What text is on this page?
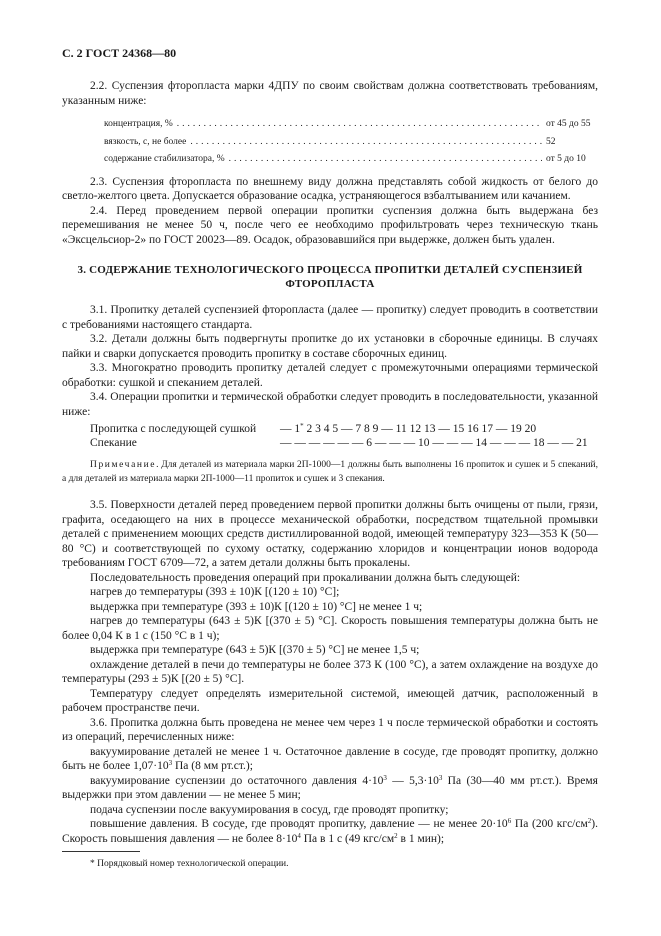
С. 2 ГОСТ 24368—80

2.2. Суспензия фторопласта марки 4ДПУ по своим свойствам должна соответствовать требованиям, указанным ниже:

концентрация, % .....	от 45 до 55
вязкость, с, не более .....	52
содержание стабилизатора, % .....	от 5 до 10

2.3. Суспензия фторопласта по внешнему виду должна представлять собой жидкость от белого до светло-желтого цвета. Допускается образование осадка, устраняющегося взбалтыванием или качанием.

2.4. Перед проведением первой операции пропитки суспензия должна быть выдержана без перемешивания не менее 50 ч, после чего ее необходимо профильтровать через техническую ткань «Эксцельсиор-2» по ГОСТ 20023—89. Осадок, образовавшийся при выдержке, должен быть удален.

3. СОДЕРЖАНИЕ ТЕХНОЛОГИЧЕСКОГО ПРОЦЕССА ПРОПИТКИ ДЕТАЛЕЙ СУСПЕНЗИЕЙ ФТОРОПЛАСТА

3.1. Пропитку деталей суспензией фторопласта (далее — пропитку) следует проводить в соответствии с требованиями настоящего стандарта.

3.2. Детали должны быть подвергнуты пропитке до их установки в сборочные единицы. В случаях пайки и сварки допускается проводить пропитку в составе сборочных единиц.

3.3. Многократно проводить пропитку деталей следует с промежуточными операциями термической обработки: сушкой и спеканием деталей.

3.4. Операции пропитки и термической обработки следует проводить в последовательности, указанной ниже:

Пропитка с последующей сушкой	— 1* 2 3 4 5 — 7 8 9 — 11 12 13 — 15 16 17 — 19 20
Спекание	— — — — — — 6 — — — 10 — — — 14 — — — 18 — — 21
Примечание. Для деталей из материала марки 2П-1000—1 должны быть выполнены 16 пропиток и сушек и 5 спеканий, а для деталей из материала марки 2П-1000—11 пропиток и сушек и 3 спекания.

3.5. Поверхности деталей перед проведением первой пропитки должны быть очищены от пыли, грязи, графита, оседающего на них в процессе механической обработки, посредством тщательной промывки деталей с применением моющих средств дистиллированной водой, имеющей температуру 323—353 К (50—80 °С) и соответствующей по сухому остатку, содержанию хлоридов и концентрации ионов водорода требованиям ГОСТ 6709—72, а затем детали должны быть прокалены.

Последовательность проведения операций при прокаливании должна быть следующей:

нагрев до температуры (393 ± 10)К [(120 ± 10) °С];

выдержка при температуре (393 ± 10)К [(120 ± 10) °С] не менее 1 ч;

нагрев до температуры (643 ± 5)К [(370 ± 5) °С]. Скорость повышения температуры должна быть не более 0,04 К в 1 с (150 °С в 1 ч);

выдержка при температуре (643 ± 5)К [(370 ± 5) °С] не менее 1,5 ч;

охлаждение деталей в печи до температуры не более 373 К (100 °С), а затем охлаждение на воздухе до температуры (293 ± 5)К [(20 ± 5) °С].

Температуру следует определять измерительной системой, имеющей датчик, расположенный в рабочем пространстве печи.

3.6. Пропитка должна быть проведена не менее чем через 1 ч после термической обработки и состоять из операций, перечисленных ниже:

вакуумирование деталей не менее 1 ч. Остаточное давление в сосуде, где проводят пропитку, должно быть не более $1,07\cdot 10^3$ Па (8 мм рт.ст.);

вакуумирование суспензии до остаточного давления $4\cdot 10^3$ — $5,3\cdot 10^3$ Па (30—40 мм рт.ст.). Время выдержки при этом давлении — не менее 5 мин;

подача суспензии после вакуумирования в сосуд, где проводят пропитку;

повышение давления. В сосуде, где проводят пропитку, давление — не менее $20\cdot 10^6$ Па (200 кгс/$см^2$). Скорость повышения давления — не более $8\cdot 10^4$ Па в 1 с (49 кгс/$см^2$ в 1 мин);

* Порядковый номер технологической операции.
